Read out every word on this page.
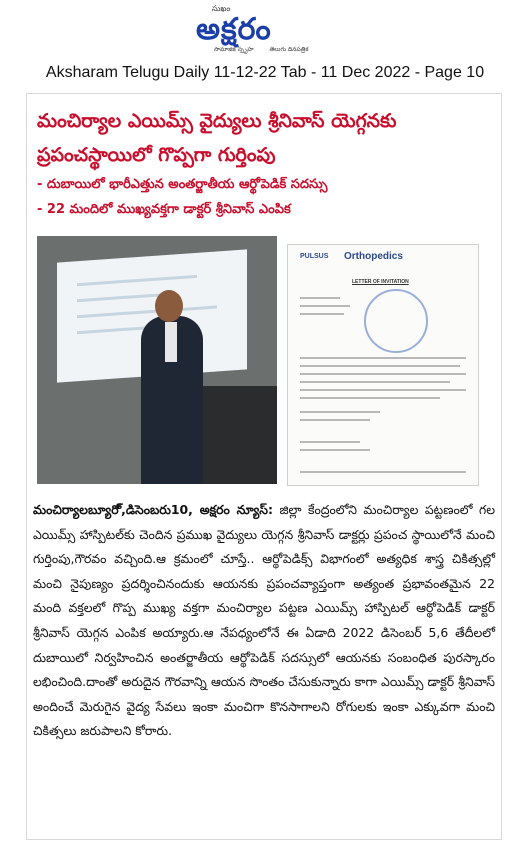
సుఖం
అక్షరం
సామాజిక స్పృహ	తెలుగు దినపత్రిక
Aksharam Telugu Daily 11-12-22 Tab - 11 Dec 2022 - Page 10
మంచిర్యాల ఎయిమ్స్ వైద్యులు శ్రీనివాస్ యెగ్గనకు ప్రపంచస్థాయిలో గొప్పగా గుర్తింపు
- దుబాయిలో భారీఎత్తున అంతర్జాతీయ ఆర్థోపెడిక్ సదస్సు
- 22 మందిలో ముఖ్యవక్తగా డాక్టర్ శ్రీనివాస్ ఎంపిక
PULSUS Orthopedics
LETTER OF INVITATION
మంచిర్యాలబ్యూరో్,డిసెంబరు10, అక్షరం న్యూస్: జిల్లా కేంద్రంలోని మంచిర్యాల పట్టణంలో గల ఎయిమ్స్ హాస్పిటల్‌కు చెందిన ప్రముఖ వైద్యులు యెగ్గన శ్రీనివాస్ డాక్టర్లు ప్రపంచ స్థాయిలోనే మంచి గుర్తింపు,గౌరవం వచ్చింది.ఆ క్రమంలో చూస్తే.. ఆర్థోపెడిక్స్ విభాగంలో అత్యధిక శాస్త్ర చికిత్సల్లో మంచి నైపుణ్యం ప్రదర్శించినందుకు ఆయనకు ప్రపంచవ్యాప్తంగా అత్యంత ప్రభావంతమైన 22 మంది వక్తలలో గొప్ప ముఖ్య వక్తగా మంచిర్యాల పట్టణ ఎయిమ్స్ హాస్పిటల్ ఆర్థోపెడిక్ డాక్టర్ శ్రీనివాస్ యెగ్గన ఎంపిక అయ్యారు.ఆ నేపధ్యంలోనే ఈ ఏడాది 2022 డిసెంబర్ 5,6 తేదీలలో దుబాయిలో నిర్వహించిన అంతర్జాతీయ ఆర్థోపెడిక్ సదస్సులో ఆయనకు సంబంధిత పురస్కారం లభించింది.దాంతో అరుదైన గౌరవాన్ని ఆయన సొంతం చేసుకున్నారు కాగా ఎయిమ్స్ డాక్టర్ శ్రీనివాస్ అందించే మెరుగైన వైద్య సేవలు ఇంకా మంచిగా కొనసాగాలని రోగులకు ఇంకా ఎక్కువగా మంచి చికిత్సలు జరుపాలని కోరారు.
